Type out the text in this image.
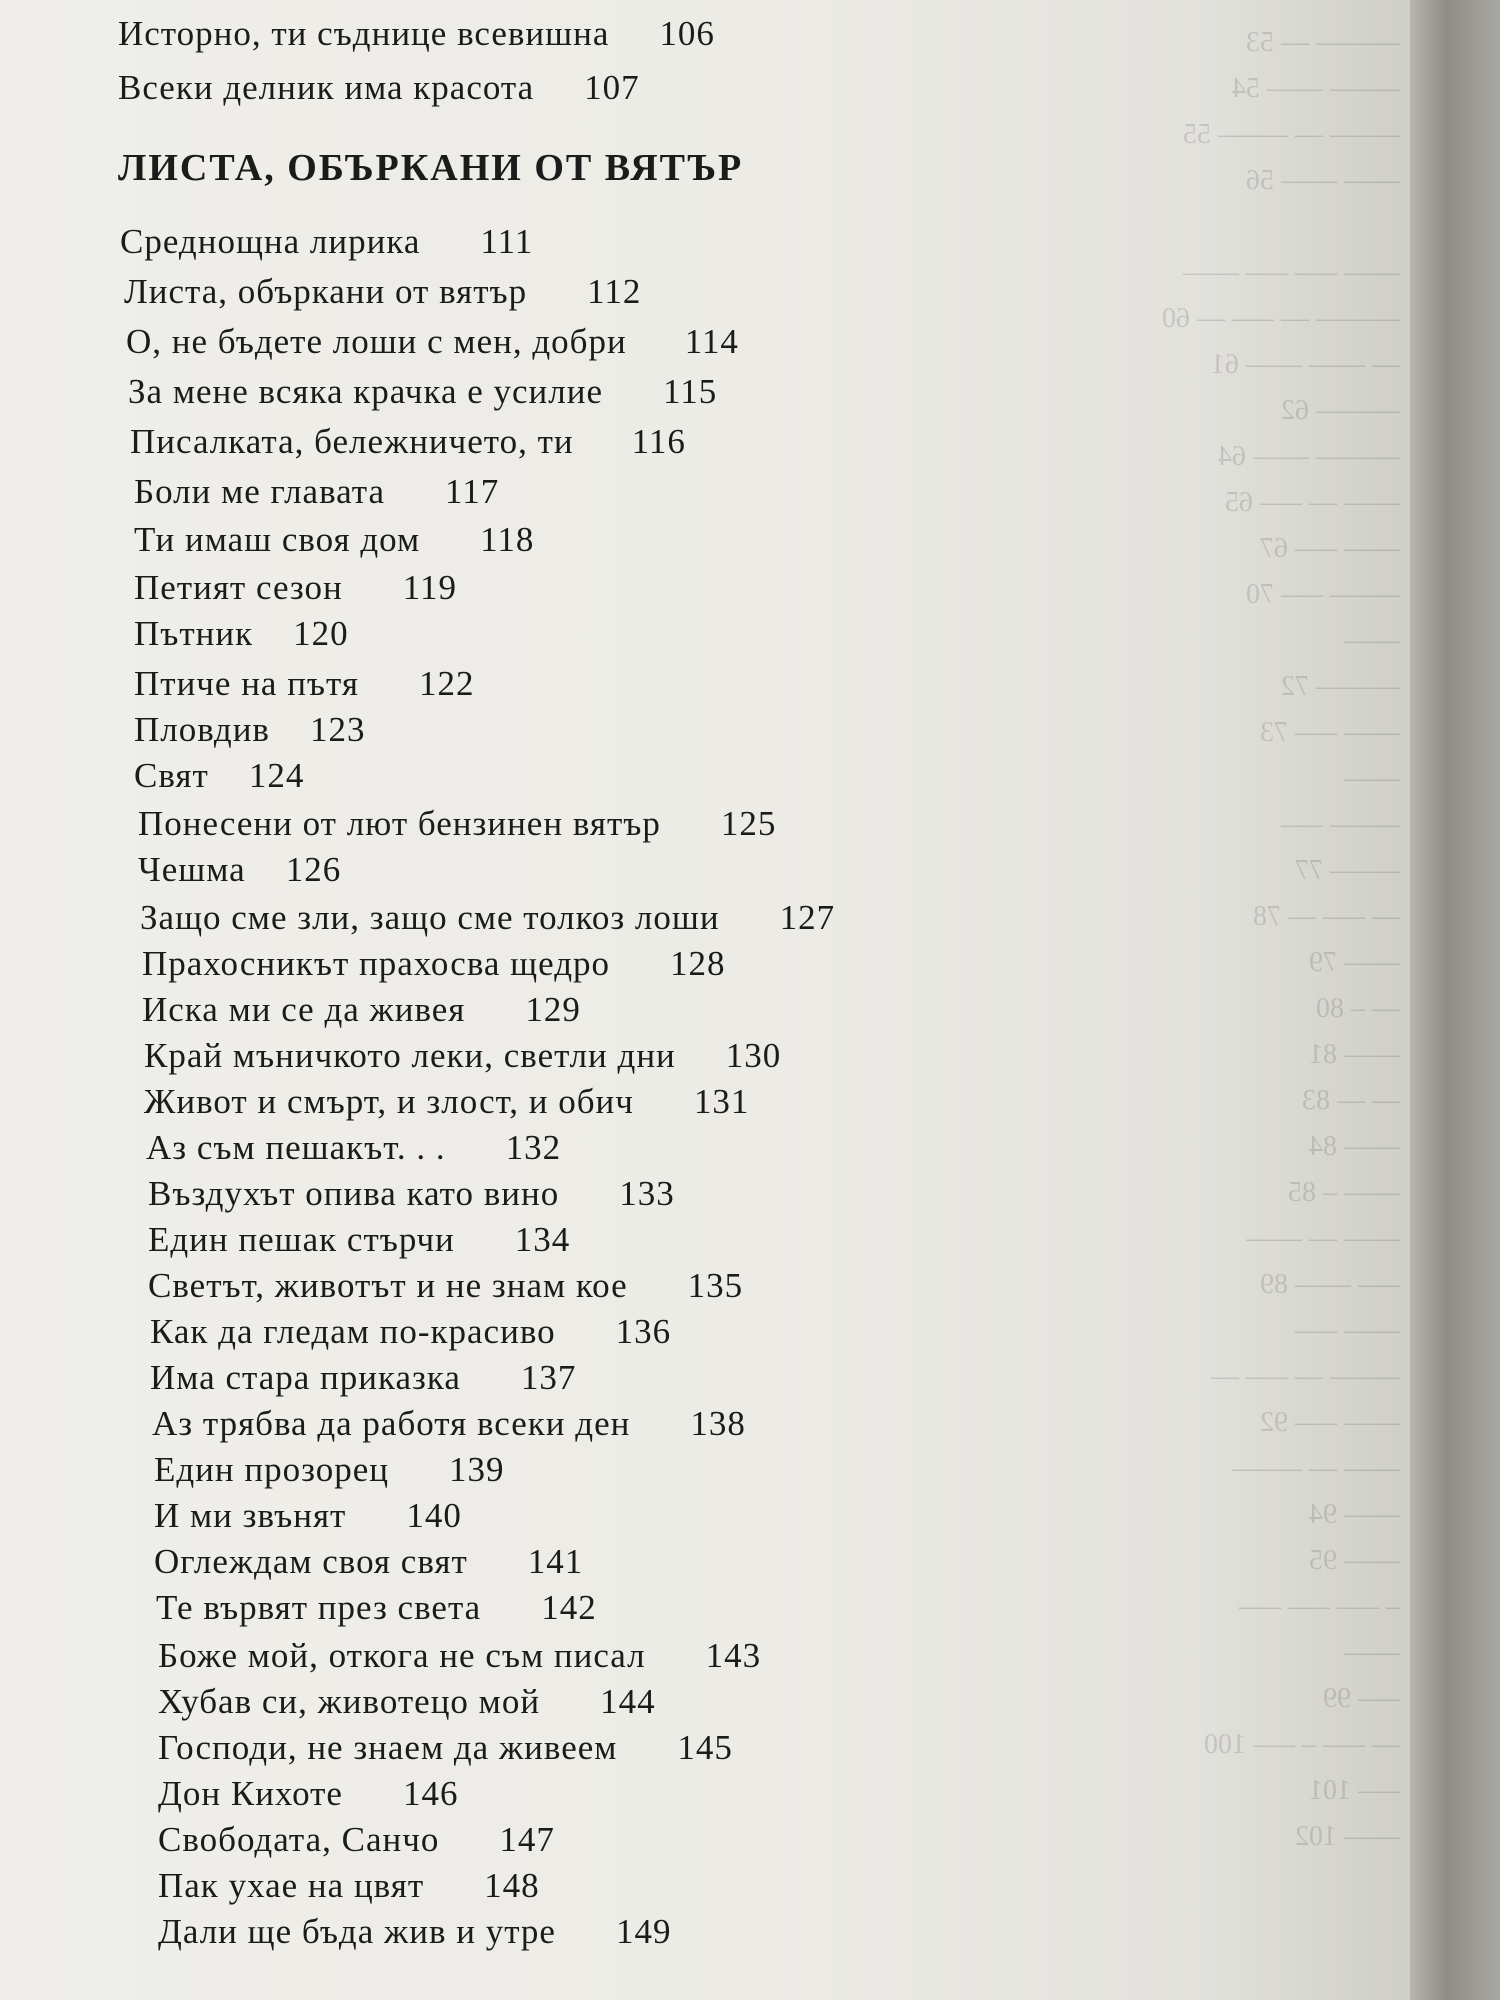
‒‒‒‒‒‒ ‒‒ 53
‒‒‒‒‒ ‒‒‒‒ 54
‒‒‒‒‒ ‒‒ ‒‒‒‒‒ 55
‒‒‒‒ ‒‒‒‒ 56

‒‒‒‒ ‒‒‒ ‒‒‒ ‒‒‒‒
‒‒‒‒‒‒ ‒‒ ‒‒‒ ‒‒ 60
‒‒ ‒‒‒‒ ‒‒‒‒ 61
‒‒‒‒‒‒ 62
‒‒‒‒‒‒ ‒‒‒‒ 64
‒‒‒‒ ‒‒ ‒‒‒ 65
‒‒‒‒ ‒‒‒ 67
‒‒‒‒‒ ‒‒‒ 70
‒‒‒‒
‒‒‒‒‒‒ 72
‒‒‒‒ ‒‒‒ 73
‒‒‒‒
‒‒‒‒‒ ‒‒‒
‒‒‒‒‒ 77
‒‒ ‒‒‒ ‒‒ 78
‒‒‒‒ 79
‒‒ ‒ 80
‒‒‒‒ 81
‒‒ ‒‒ 83
‒‒‒‒ 84
‒‒‒‒ ‒ 85
‒‒‒‒ ‒‒ ‒‒‒‒
‒‒‒ ‒‒‒‒ 89
‒‒‒‒ ‒‒‒
‒‒‒‒‒ ‒‒ ‒‒‒ ‒‒
‒‒‒‒ ‒‒‒ 92
‒‒‒‒ ‒‒ ‒‒‒‒‒
‒‒‒‒ 94
‒‒‒‒ 95
‒ ‒‒‒ ‒‒‒ ‒‒‒
‒‒‒‒
‒‒‒ 99
‒‒ ‒‒‒ ‒ ‒‒‒ 100
‒‒‒ 101
‒‒‒‒ 102
Исторно, ти съднице всевишна 106
Всеки делник има красота 107
ЛИСТА, ОБЪРКАНИ ОТ ВЯТЪР
Среднощна лирика 111
Листа, объркани от вятър 112
О, не бъдете лоши с мен, добри 114
За мене всяка крачка е усилие 115
Писалката, бележничето, ти 116
Боли ме главата 117
Ти имаш своя дом 118
Петият сезон 119
Пътник 120
Птиче на пътя 122
Пловдив 123
Свят 124
Понесени от лют бензинен вятър 125
Чешма 126
Защо сме зли, защо сме толкоз лоши 127
Прахосникът прахосва щедро 128
Иска ми се да живея 129
Край мъничкото леки, светли дни 130
Живот и смърт, и злост, и обич 131
Аз съм пешакът. . . 132
Въздухът опива като вино 133
Един пешак стърчи 134
Светът, животът и не знам кое 135
Как да гледам по-красиво 136
Има стара приказка 137
Аз трябва да работя всеки ден 138
Един прозорец 139
И ми звънят 140
Оглеждам своя свят 141
Те вървят през света 142
Боже мой, откога не съм писал 143
Хубав си, животецо мой 144
Господи, не знаем да живеем 145
Дон Кихоте 146
Свободата, Санчо 147
Пак ухае на цвят 148
Дали ще бъда жив и утре 149
